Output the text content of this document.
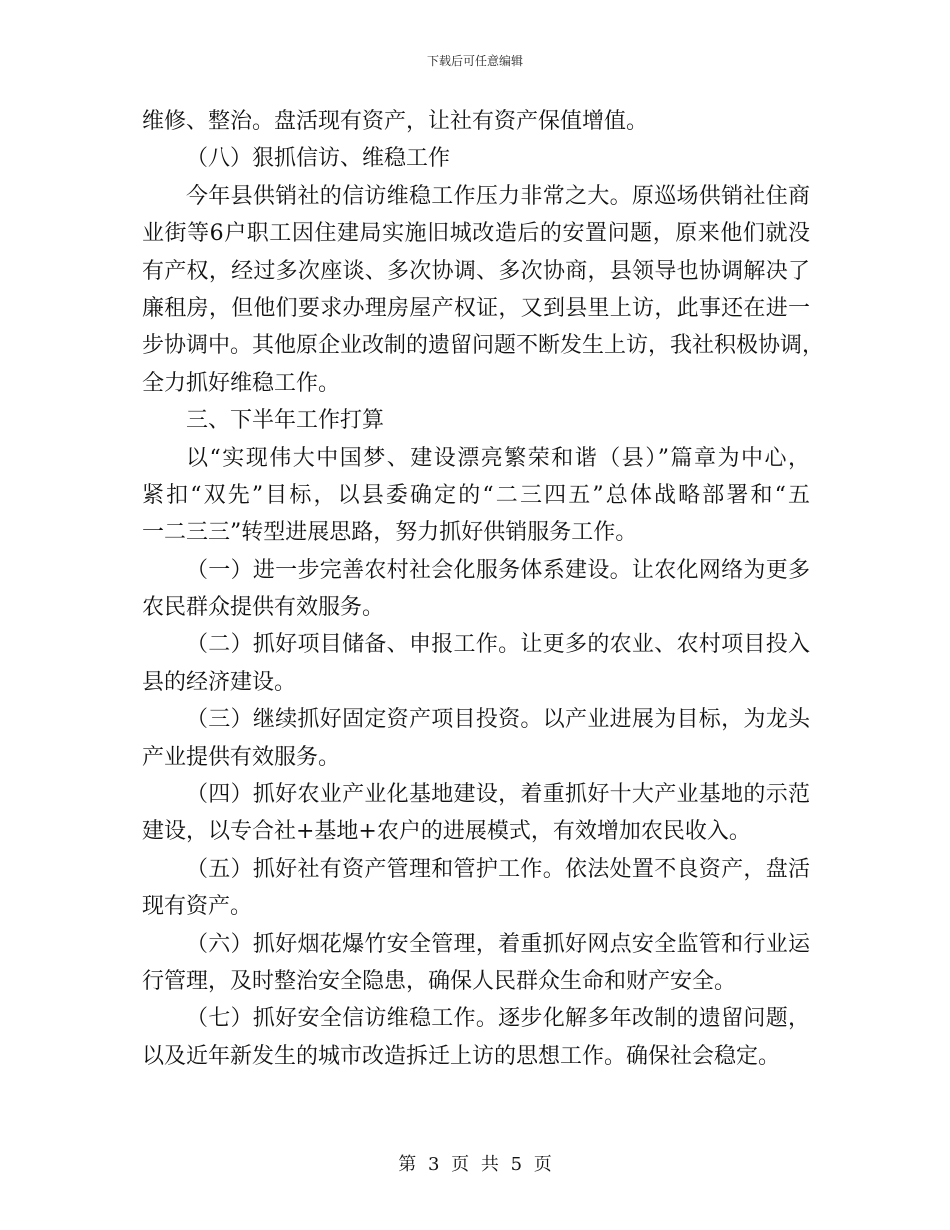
下载后可任意编辑
维修、整治。盘活现有资产，让社有资产保值增值。
（八）狠抓信访、维稳工作
今年县供销社的信访维稳工作压力非常之大。原巡场供销社住商
业街等6户职工因住建局实施旧城改造后的安置问题，原来他们就没
有产权，经过多次座谈、多次协调、多次协商，县领导也协调解决了
廉租房，但他们要求办理房屋产权证，又到县里上访，此事还在进一
步协调中。其他原企业改制的遗留问题不断发生上访，我社积极协调，
全力抓好维稳工作。
三、下半年工作打算
以“实现伟大中国梦、建设漂亮繁荣和谐（县）”篇章为中心，
紧扣“双先”目标，以县委确定的“二三四五”总体战略部署和“五
一二三三”转型进展思路，努力抓好供销服务工作。
（一）进一步完善农村社会化服务体系建设。让农化网络为更多
农民群众提供有效服务。
（二）抓好项目储备、申报工作。让更多的农业、农村项目投入
县的经济建设。
（三）继续抓好固定资产项目投资。以产业进展为目标，为龙头
产业提供有效服务。
（四）抓好农业产业化基地建设，着重抓好十大产业基地的示范
建设，以专合社+基地+农户的进展模式，有效增加农民收入。
（五）抓好社有资产管理和管护工作。依法处置不良资产，盘活
现有资产。
（六）抓好烟花爆竹安全管理，着重抓好网点安全监管和行业运
行管理，及时整治安全隐患，确保人民群众生命和财产安全。
（七）抓好安全信访维稳工作。逐步化解多年改制的遗留问题，
以及近年新发生的城市改造拆迁上访的思想工作。确保社会稳定。
第 3 页 共 5 页
